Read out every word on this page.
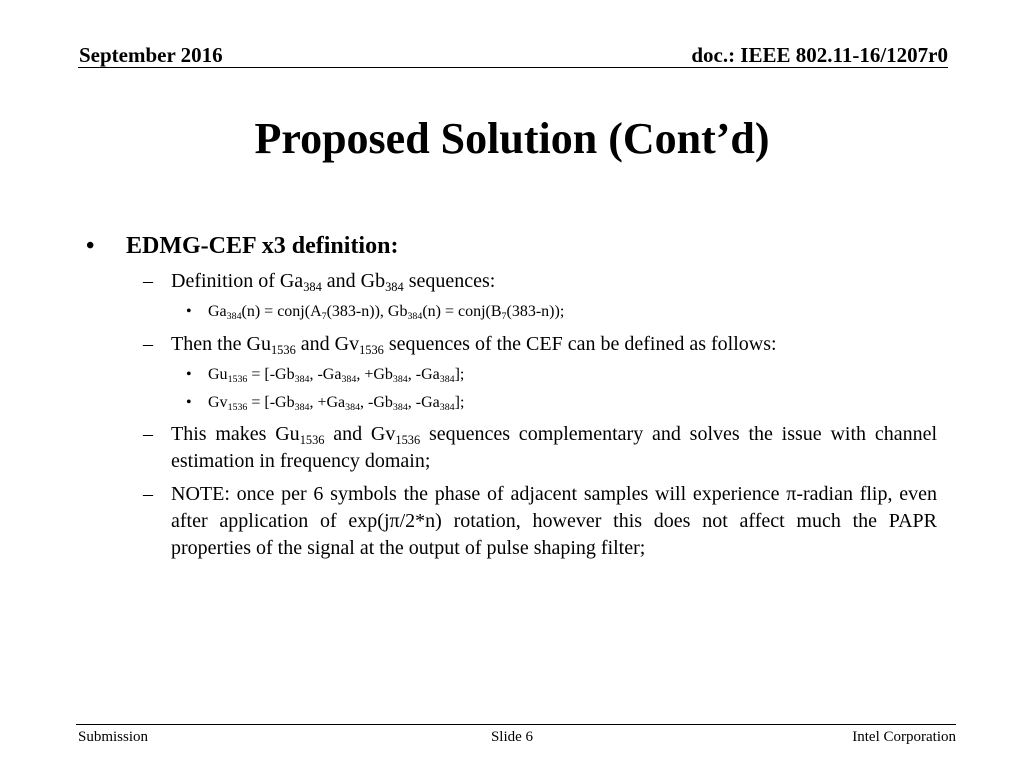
September 2016	doc.: IEEE 802.11-16/1207r0
Proposed Solution (Cont’d)
• EDMG-CEF x3 definition:
– Definition of $Ga_{384}$ and $Gb_{384}$ sequences:
• $Ga_{384}(n)$ = $conj(A_7(383-n))$, $Gb_{384}(n)$ = $conj(B_7(383-n))$;
– Then the $Gu_{1536}$ and $Gv_{1536}$ sequences of the CEF can be defined as follows:
• $Gu_{1536} = [-Gb_{384}$, $-Ga_{384}$, $+Gb_{384}$, $-Ga_{384}$];
• $Gv_{1536} = [-Gb_{384}$, $+Ga_{384}$, $-Gb_{384}$, $-Ga_{384}$];
– This makes $Gu_{1536}$ and $Gv_{1536}$ sequences complementary and solves the issue with channel estimation in frequency domain;
– NOTE: once per 6 symbols the phase of adjacent samples will experience π-radian flip, even after application of exp(jπ/2*n) rotation, however this does not affect much the PAPR properties of the signal at the output of pulse shaping filter;
Submission	Slide 6	Intel Corporation
